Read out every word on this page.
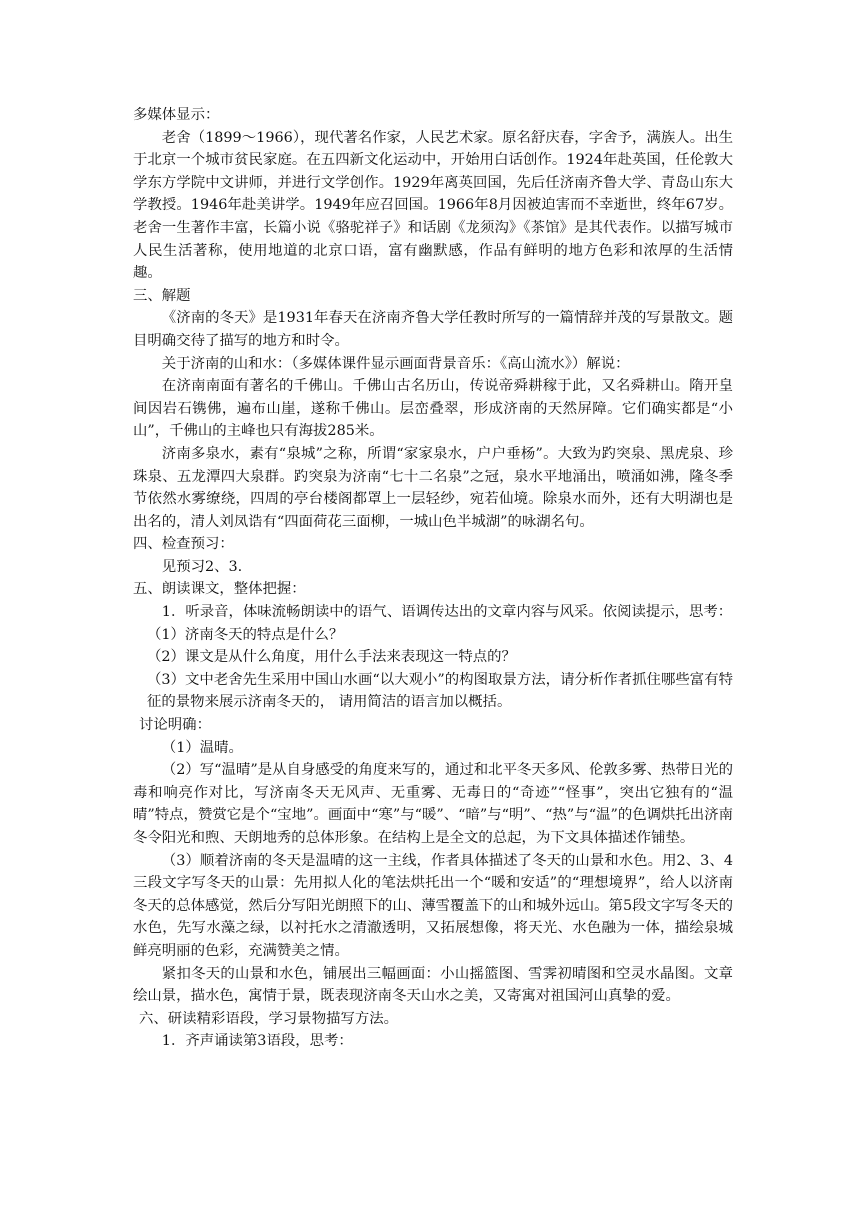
多媒体显示：

老舍（1899～1966），现代著名作家，人民艺术家。原名舒庆春，字舍予，满族人。出生于北京一个城市贫民家庭。在五四新文化运动中，开始用白话创作。1924年赴英国，任伦敦大学东方学院中文讲师，并进行文学创作。1929年离英回国，先后任济南齐鲁大学、青岛山东大学教授。1946年赴美讲学。1949年应召回国。1966年8月因被迫害而不幸逝世，终年67岁。老舍一生著作丰富，长篇小说《骆驼祥子》和话剧《龙须沟》《茶馆》是其代表作。以描写城市人民生活著称，使用地道的北京口语，富有幽默感，作品有鲜明的地方色彩和浓厚的生活情趣。

三、解题

《济南的冬天》是1931年春天在济南齐鲁大学任教时所写的一篇情辞并茂的写景散文。题目明确交待了描写的地方和时令。

关于济南的山和水：（多媒体课件显示画面背景音乐：《高山流水》）解说：

在济南南面有著名的千佛山。千佛山古名历山，传说帝舜耕稼于此，又名舜耕山。隋开皇间因岩石镌佛，遍布山崖，遂称千佛山。层峦叠翠，形成济南的天然屏障。它们确实都是“小山”，千佛山的主峰也只有海拔285米。

济南多泉水，素有“泉城”之称，所谓“家家泉水，户户垂杨”。大致为趵突泉、黑虎泉、珍珠泉、五龙潭四大泉群。趵突泉为济南“七十二名泉”之冠，泉水平地涌出，喷涌如沸，隆冬季节依然水雾缭绕，四周的亭台楼阁都罩上一层轻纱，宛若仙境。除泉水而外，还有大明湖也是出名的，清人刘凤诰有“四面荷花三面柳，一城山色半城湖”的咏湖名句。

四、检查预习：

见预习2、3.

五、朗读课文，整体把握：

1．听录音，体味流畅朗读中的语气、语调传达出的文章内容与风采。依阅读提示，思考：

（1）济南冬天的特点是什么？

（2）课文是从什么角度，用什么手法来表现这一特点的？

（3）文中老舍先生采用中国山水画“以大观小”的构图取景方法，请分析作者抓住哪些富有特征的景物来展示济南冬天的， 请用简洁的语言加以概括。

讨论明确：

（1）温晴。

（2）写“温晴”是从自身感受的角度来写的，通过和北平冬天多风、伦敦多雾、热带日光的毒和响亮作对比，写济南冬天无风声、无重雾、无毒日的“奇迹”“怪事”，突出它独有的“温晴”特点，赞赏它是个“宝地”。画面中“寒”与“暖”、“暗”与“明”、“热”与“温”的色调烘托出济南冬令阳光和煦、天朗地秀的总体形象。在结构上是全文的总起，为下文具体描述作铺垫。

（3）顺着济南的冬天是温晴的这一主线，作者具体描述了冬天的山景和水色。用2、3、4三段文字写冬天的山景：先用拟人化的笔法烘托出一个“暖和安适”的“理想境界”，给人以济南冬天的总体感觉，然后分写阳光朗照下的山、薄雪覆盖下的山和城外远山。第5段文字写冬天的水色，先写水藻之绿，以衬托水之清澈透明，又拓展想像，将天光、水色融为一体，描绘泉城鲜亮明丽的色彩，充满赞美之情。

紧扣冬天的山景和水色，铺展出三幅画面：小山摇篮图、雪霁初晴图和空灵水晶图。文章绘山景，描水色，寓情于景，既表现济南冬天山水之美，又寄寓对祖国河山真挚的爱。

六、研读精彩语段，学习景物描写方法。

1．齐声诵读第3语段，思考：
